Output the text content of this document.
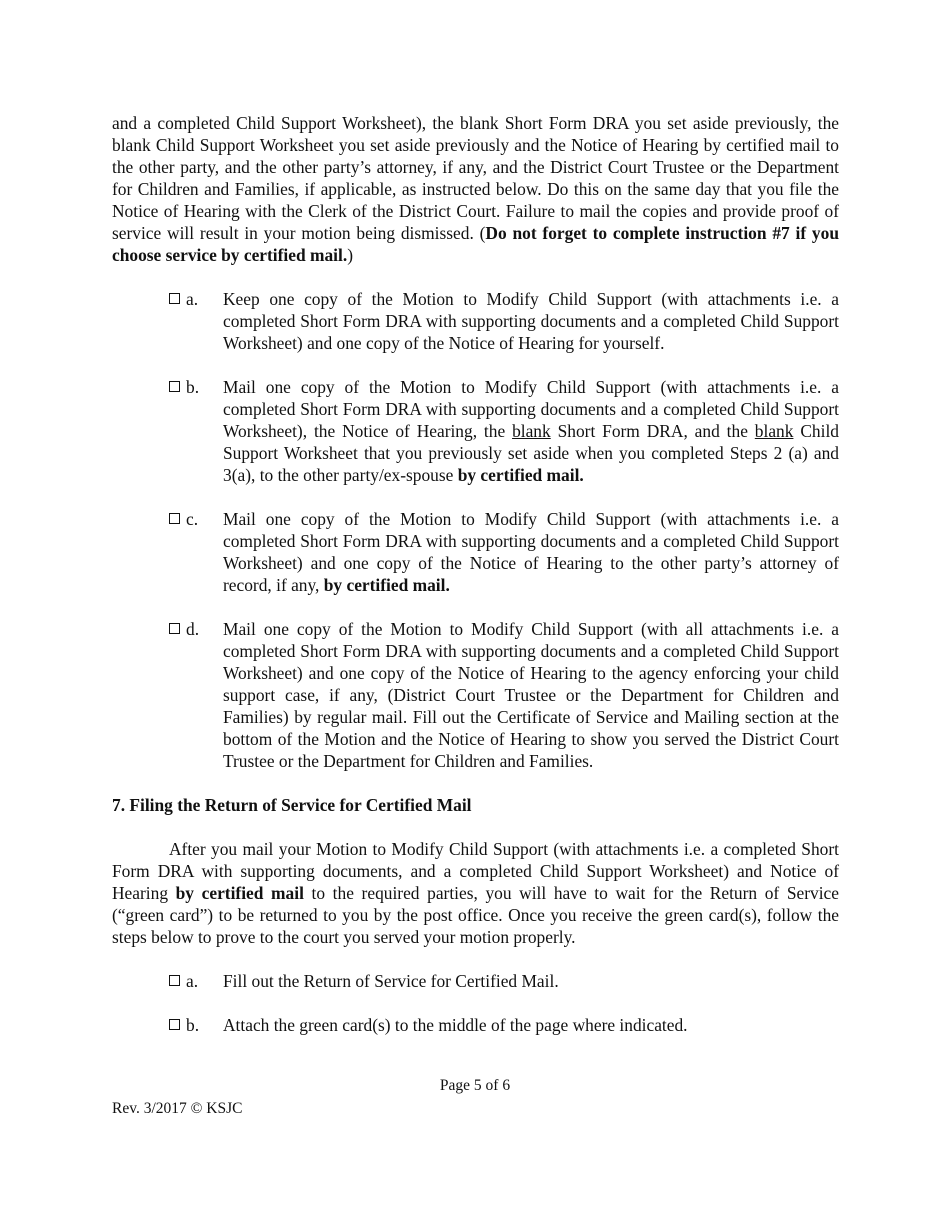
and a completed Child Support Worksheet), the blank Short Form DRA you set aside previously, the blank Child Support Worksheet you set aside previously and the Notice of Hearing by certified mail to the other party, and the other party’s attorney, if any, and the District Court Trustee or the Department for Children and Families, if applicable, as instructed below. Do this on the same day that you file the Notice of Hearing with the Clerk of the District Court. Failure to mail the copies and provide proof of service will result in your motion being dismissed. (Do not forget to complete instruction #7 if you choose service by certified mail.)

a. Keep one copy of the Motion to Modify Child Support (with attachments i.e. a completed Short Form DRA with supporting documents and a completed Child Support Worksheet) and one copy of the Notice of Hearing for yourself.
b. Mail one copy of the Motion to Modify Child Support (with attachments i.e. a completed Short Form DRA with supporting documents and a completed Child Support Worksheet), the Notice of Hearing, the blank Short Form DRA, and the blank Child Support Worksheet that you previously set aside when you completed Steps 2 (a) and 3(a), to the other party/ex-spouse by certified mail.
c. Mail one copy of the Motion to Modify Child Support (with attachments i.e. a completed Short Form DRA with supporting documents and a completed Child Support Worksheet) and one copy of the Notice of Hearing to the other party’s attorney of record, if any, by certified mail.
d. Mail one copy of the Motion to Modify Child Support (with all attachments i.e. a completed Short Form DRA with supporting documents and a completed Child Support Worksheet) and one copy of the Notice of Hearing to the agency enforcing your child support case, if any, (District Court Trustee or the Department for Children and Families) by regular mail. Fill out the Certificate of Service and Mailing section at the bottom of the Motion and the Notice of Hearing to show you served the District Court Trustee or the Department for Children and Families.

7. Filing the Return of Service for Certified Mail

After you mail your Motion to Modify Child Support (with attachments i.e. a completed Short Form DRA with supporting documents, and a completed Child Support Worksheet) and Notice of Hearing by certified mail to the required parties, you will have to wait for the Return of Service (“green card”) to be returned to you by the post office. Once you receive the green card(s), follow the steps below to prove to the court you served your motion properly.

a. Fill out the Return of Service for Certified Mail.
b. Attach the green card(s) to the middle of the page where indicated.
Page 5 of 6
Rev. 3/2017 © KSJC
